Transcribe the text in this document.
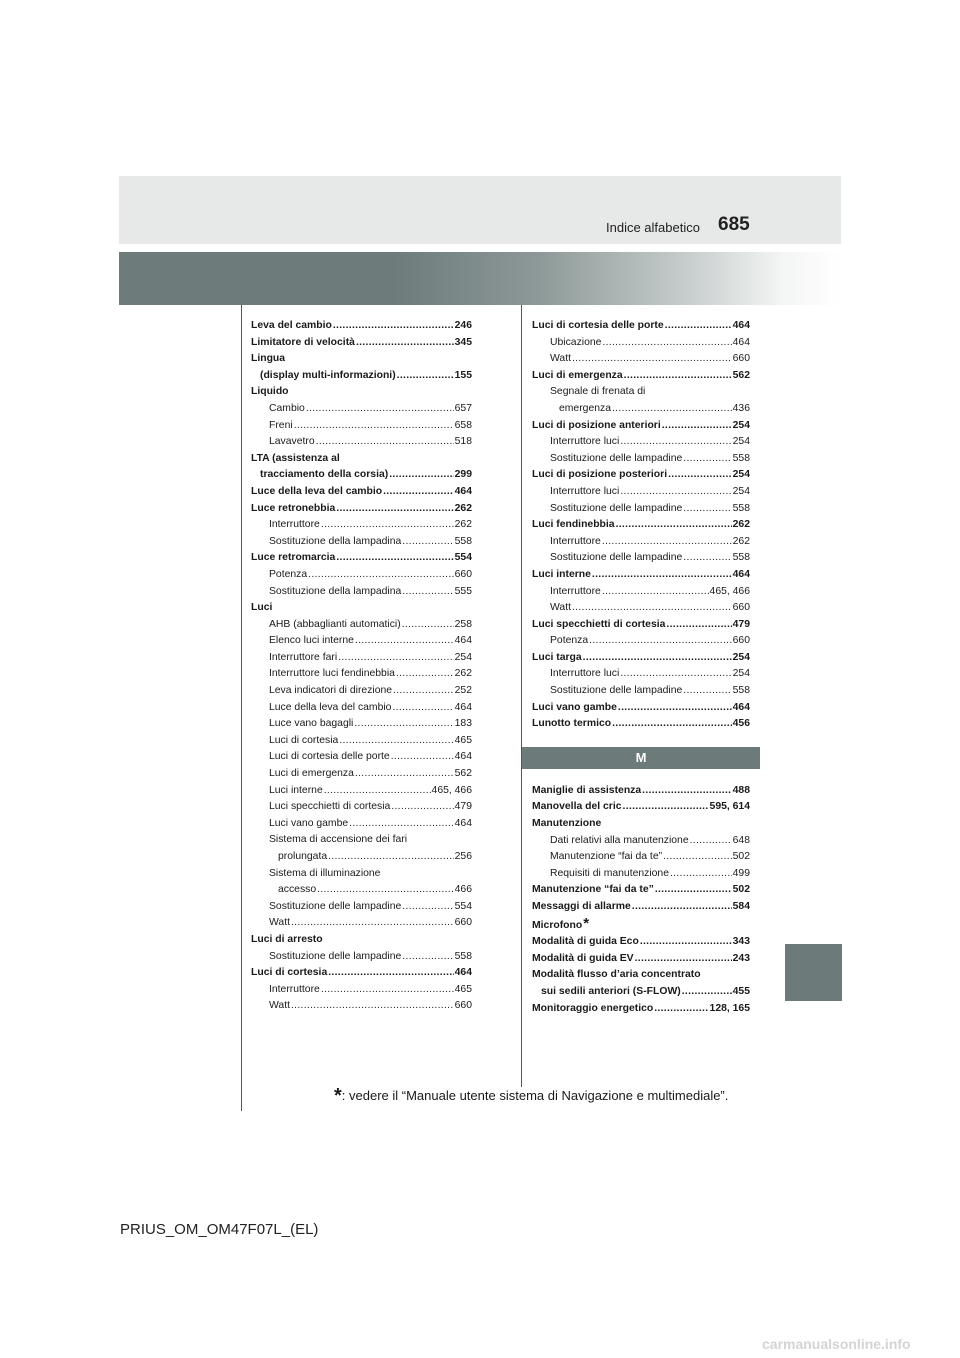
685
Indice alfabetico
Leva del cambio .....	246
Limitatore di velocità .....	345
Lingua
(display multi-informazioni) .....	155
Liquido
Cambio .....	657
Freni .....	658
Lavavetro .....	518
LTA (assistenza al
tracciamento della corsia) .....	299
Luce della leva del cambio .....	464
Luce retronebbia .....	262
Interruttore .....	262
Sostituzione della lampadina .....	558
Luce retromarcia .....	554
Potenza .....	660
Sostituzione della lampadina .....	555
Luci
AHB (abbaglianti automatici) .....	258
Elenco luci interne .....	464
Interruttore fari .....	254
Interruttore luci fendinebbia .....	262
Leva indicatori di direzione .....	252
Luce della leva del cambio .....	464
Luce vano bagagli .....	183
Luci di cortesia .....	465
Luci di cortesia delle porte .....	464
Luci di emergenza .....	562
Luci interne .....	465, 466
Luci specchietti di cortesia .....	479
Luci vano gambe .....	464
Sistema di accensione dei fari
prolungata .....	256
Sistema di illuminazione
accesso .....	466
Sostituzione delle lampadine .....	554
Watt .....	660
Luci di arresto
Sostituzione delle lampadine .....	558
Luci di cortesia .....	464
Interruttore .....	465
Watt .....	660
Luci di cortesia delle porte .....	464
Ubicazione .....	464
Watt .....	660
Luci di emergenza .....	562
Segnale di frenata di
emergenza .....	436
Luci di posizione anteriori .....	254
Interruttore luci .....	254
Sostituzione delle lampadine .....	558
Luci di posizione posteriori .....	254
Interruttore luci .....	254
Sostituzione delle lampadine .....	558
Luci fendinebbia .....	262
Interruttore .....	262
Sostituzione delle lampadine .....	558
Luci interne .....	464
Interruttore .....	465, 466
Watt .....	660
Luci specchietti di cortesia .....	479
Potenza .....	660
Luci targa .....	254
Interruttore luci .....	254
Sostituzione delle lampadine .....	558
Luci vano gambe .....	464
Lunotto termico .....	456
M
Maniglie di assistenza .....	488
Manovella del cric .....	595, 614
Manutenzione
Dati relativi alla manutenzione .....	648
Manutenzione “fai da te” .....	502
Requisiti di manutenzione .....	499
Manutenzione “fai da te” .....	502
Messaggi di allarme .....	584
Microfono *
Modalità di guida Eco .....	343
Modalità di guida EV .....	243
Modalità flusso d’aria concentrato
sui sedili anteriori (S-FLOW) .....	455
Monitoraggio energetico .....	128, 165
*: vedere il “Manuale utente sistema di Navigazione e multimediale”.
PRIUS_OM_OM47F07L_(EL)
carmanualsonline.info
